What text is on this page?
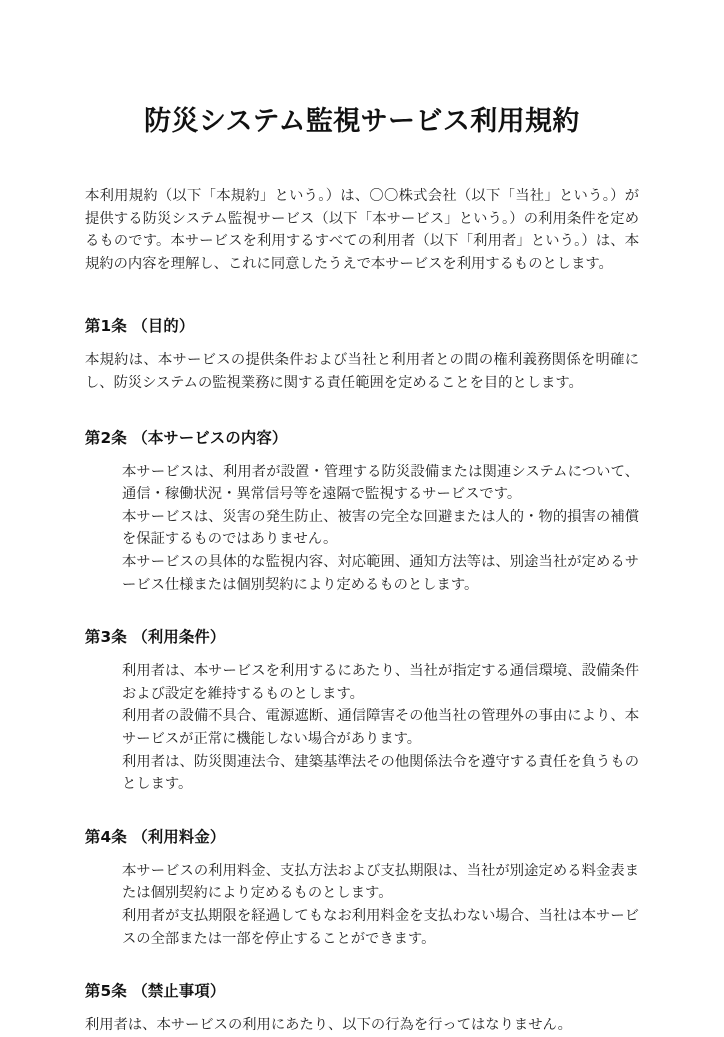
防災システム監視サービス利用規約

本利用規約（以下「本規約」という。）は、〇〇株式会社（以下「当社」という。）が提供する防災システム監視サービス（以下「本サービス」という。）の利用条件を定めるものです。本サービスを利用するすべての利用者（以下「利用者」という。）は、本規約の内容を理解し、これに同意したうえで本サービスを利用するものとします。

第1条 （目的）

本規約は、本サービスの提供条件および当社と利用者との間の権利義務関係を明確にし、防災システムの監視業務に関する責任範囲を定めることを目的とします。

第2条 （本サービスの内容）

本サービスは、利用者が設置・管理する防災設備または関連システムについて、通信・稼働状況・異常信号等を遠隔で監視するサービスです。

本サービスは、災害の発生防止、被害の完全な回避または人的・物的損害の補償を保証するものではありません。

本サービスの具体的な監視内容、対応範囲、通知方法等は、別途当社が定めるサービス仕様または個別契約により定めるものとします。

第3条 （利用条件）

利用者は、本サービスを利用するにあたり、当社が指定する通信環境、設備条件および設定を維持するものとします。

利用者の設備不具合、電源遮断、通信障害その他当社の管理外の事由により、本サービスが正常に機能しない場合があります。

利用者は、防災関連法令、建築基準法その他関係法令を遵守する責任を負うものとします。

第4条 （利用料金）

本サービスの利用料金、支払方法および支払期限は、当社が別途定める料金表または個別契約により定めるものとします。

利用者が支払期限を経過してもなお利用料金を支払わない場合、当社は本サービスの全部または一部を停止することができます。

第5条 （禁止事項）

利用者は、本サービスの利用にあたり、以下の行為を行ってはなりません。
